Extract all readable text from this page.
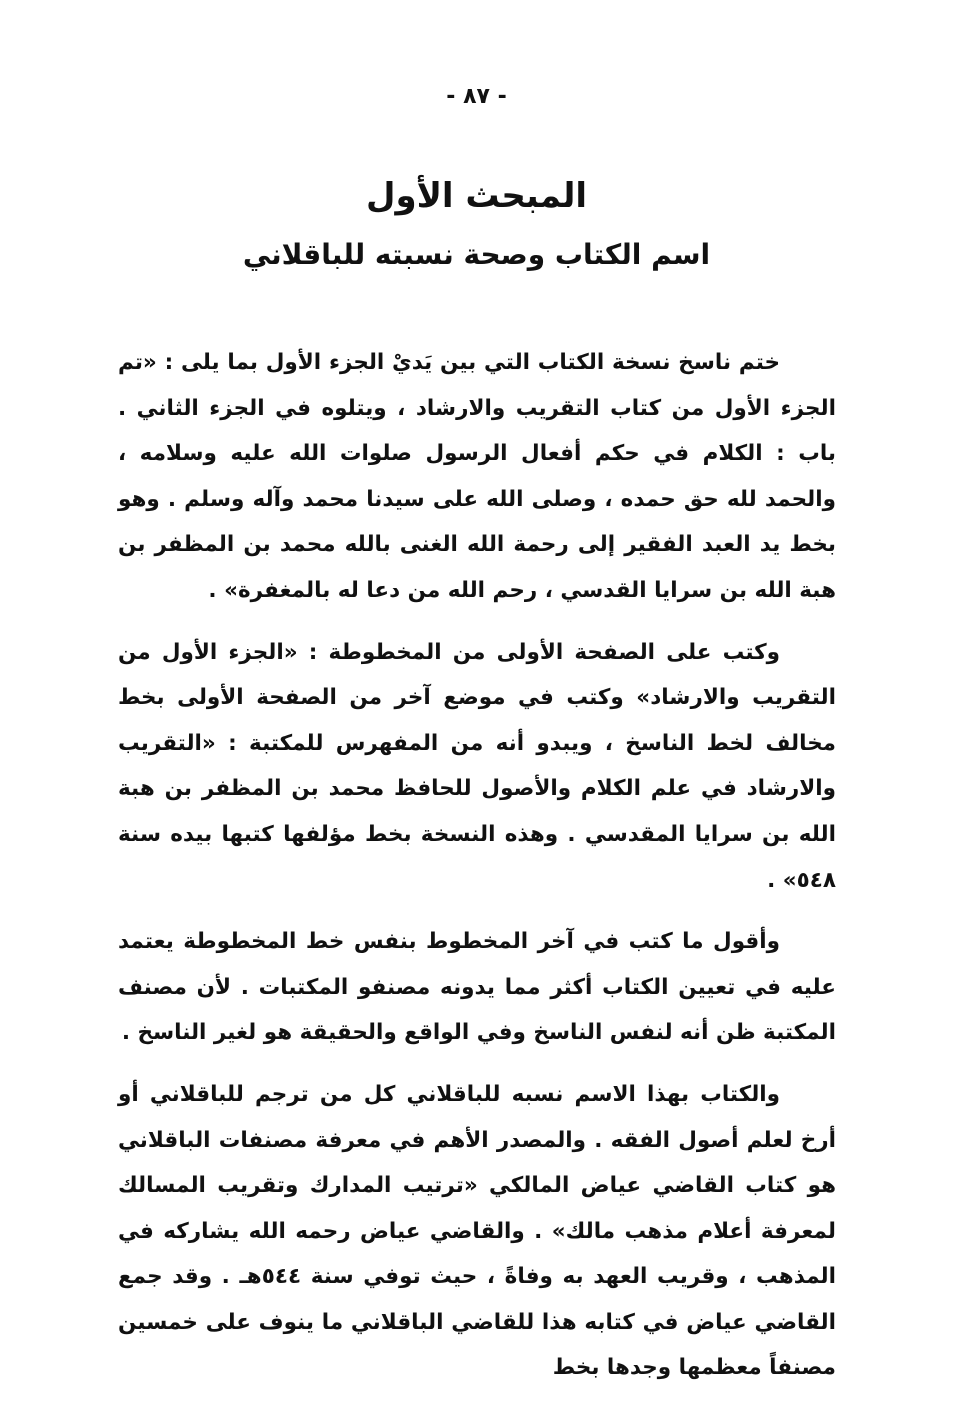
- ٨٧ -
المبحث الأول
اسم الكتاب وصحة نسبته للباقلاني

ختم ناسخ نسخة الكتاب التي بين يَديْ الجزء الأول بما يلى : «تم الجزء الأول من كتاب التقريب والارشاد ، ويتلوه في الجزء الثاني . باب : الكلام في حكم أفعال الرسول صلوات الله عليه وسلامه ، والحمد لله حق حمده ، وصلى الله على سيدنا محمد وآله وسلم . وهو بخط يد العبد الفقير إلى رحمة الله الغنى بالله محمد بن المظفر بن هبة الله بن سرايا القدسي ، رحم الله من دعا له بالمغفرة» .

وكتب على الصفحة الأولى من المخطوطة : «الجزء الأول من التقريب والارشاد» وكتب في موضع آخر من الصفحة الأولى بخط مخالف لخط الناسخ ، ويبدو أنه من المفهرس للمكتبة : «التقريب والارشاد في علم الكلام والأصول للحافظ محمد بن المظفر بن هبة الله بن سرايا المقدسي . وهذه النسخة بخط مؤلفها كتبها بيده سنة ٥٤٨» .

وأقول ما كتب في آخر المخطوط بنفس خط المخطوطة يعتمد عليه في تعيين الكتاب أكثر مما يدونه مصنفو المكتبات . لأن مصنف المكتبة ظن أنه لنفس الناسخ وفي الواقع والحقيقة هو لغير الناسخ .

والكتاب بهذا الاسم نسبه للباقلاني كل من ترجم للباقلاني أو أرخ لعلم أصول الفقه . والمصدر الأهم في معرفة مصنفات الباقلاني هو كتاب القاضي عياض المالكي «ترتيب المدارك وتقريب المسالك لمعرفة أعلام مذهب مالك» . والقاضي عياض رحمه الله يشاركه في المذهب ، وقريب العهد به وفاةً ، حيث توفي سنة ٥٤٤هـ . وقد جمع القاضي عياض في كتابه هذا للقاضي الباقلاني ما ينوف على خمسين مصنفاً معظمها وجدها بخط
